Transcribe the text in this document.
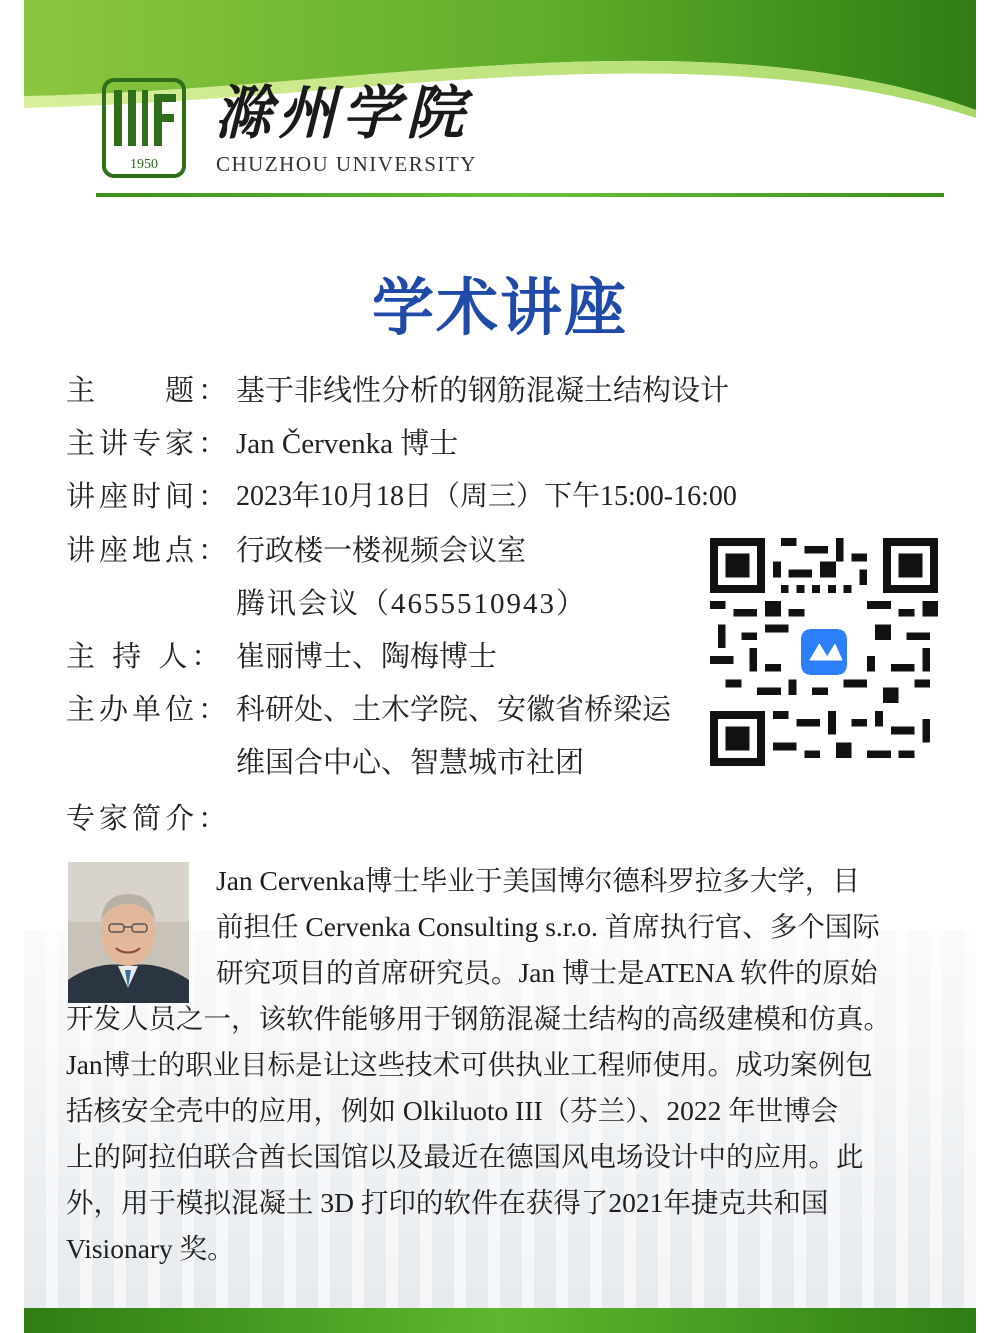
1950
滁州学院
CHUZHOU UNIVERSITY
学术讲座
主　　题： 基于非线性分析的钢筋混凝土结构设计
主讲专家： Jan Červenka 博士
讲座时间： 2023年10月18日（周三）下午15:00-16:00
讲座地点： 行政楼一楼视频会议室
腾讯会议（4655510943）
主 持 人： 崔丽博士、陶梅博士
主办单位： 科研处、土木学院、安徽省桥梁运
维国合中心、智慧城市社团
专家简介：
Jan Cervenka博士毕业于美国博尔德科罗拉多大学，目
前担任 Cervenka Consulting s.r.o. 首席执行官、多个国际
研究项目的首席研究员。Jan 博士是ATENA 软件的原始
开发人员之一，该软件能够用于钢筋混凝土结构的高级建模和仿真。
Jan博士的职业目标是让这些技术可供执业工程师使用。成功案例包
括核安全壳中的应用，例如 Olkiluoto III（芬兰）、2022 年世博会
上的阿拉伯联合酋长国馆以及最近在德国风电场设计中的应用。此
外，用于模拟混凝土 3D 打印的软件在获得了2021年捷克共和国
Visionary 奖。
